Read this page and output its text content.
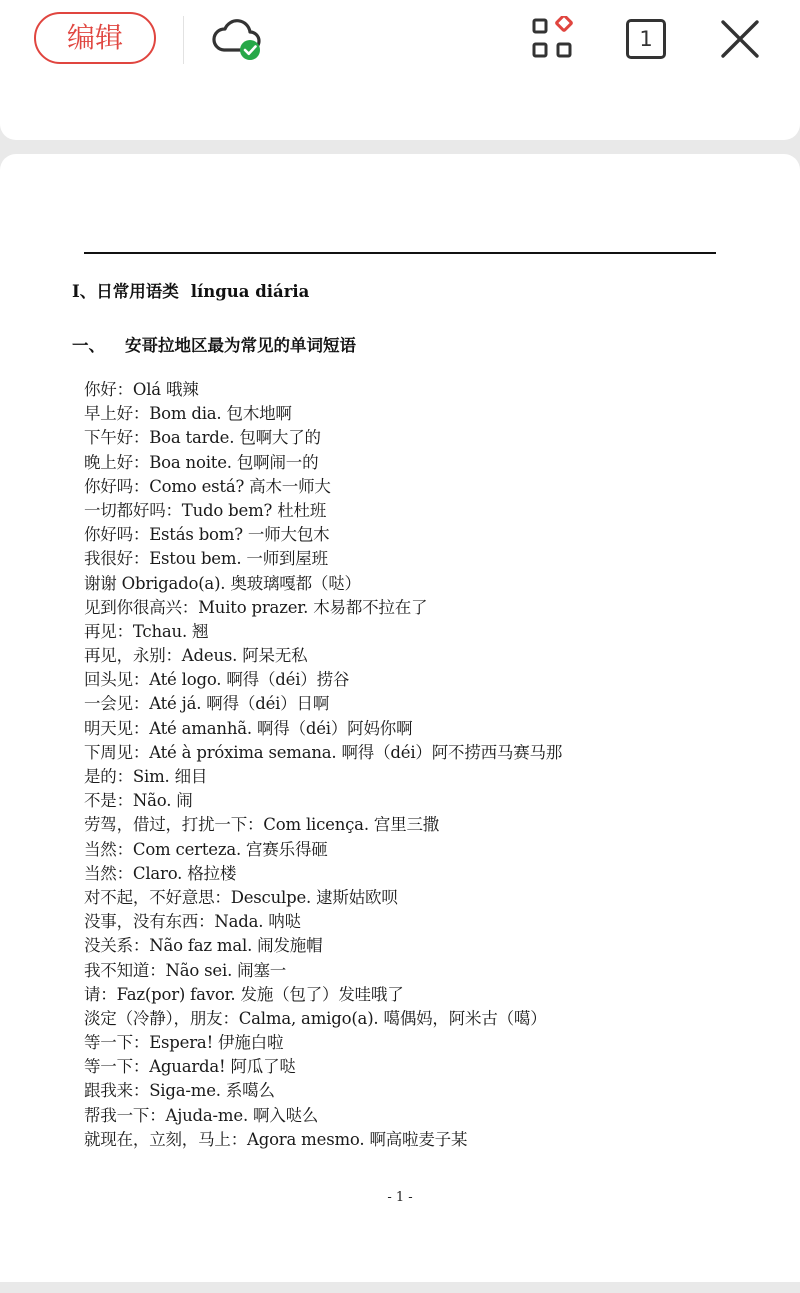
编辑	1
I、日常用语类 língua diária
一、 安哥拉地区最为常见的单词短语
你好：Olá 哦辣
早上好：Bom dia. 包木地啊
下午好：Boa tarde. 包啊大了的
晚上好：Boa noite. 包啊闹一的
你好吗：Como está? 高木一师大
一切都好吗：Tudo bem? 杜杜班
你好吗：Estás bom? 一师大包木
我很好：Estou bem. 一师到屋班
谢谢 Obrigado(a). 奥玻璃嘎都（哒）
见到你很高兴：Muito prazer. 木易都不拉在了
再见：Tchau. 翘
再见，永别：Adeus. 阿呆无私
回头见：Até logo. 啊得（déi）捞谷
一会见：Até já. 啊得（déi）日啊
明天见：Até amanhã. 啊得（déi）阿妈你啊
下周见：Até à próxima semana. 啊得（déi）阿不捞西马赛马那
是的：Sim. 细目
不是：Não. 闹
劳驾，借过，打扰一下：Com licença. 宫里三撒
当然：Com certeza. 宫赛乐得砸
当然：Claro. 格拉楼
对不起，不好意思：Desculpe. 逮斯姑欧呗
没事，没有东西：Nada. 呐哒
没关系：Não faz mal. 闹发施帽
我不知道：Não sei. 闹塞一
请：Faz(por) favor. 发施（包了）发哇哦了
淡定（冷静），朋友：Calma, amigo(a). 噶偶妈，阿米古（噶）
等一下：Espera! 伊施白啦
等一下：Aguarda! 阿瓜了哒
跟我来：Siga-me. 系噶么
帮我一下：Ajuda-me. 啊入哒么
就现在，立刻，马上：Agora mesmo. 啊高啦麦子某
- 1 -
